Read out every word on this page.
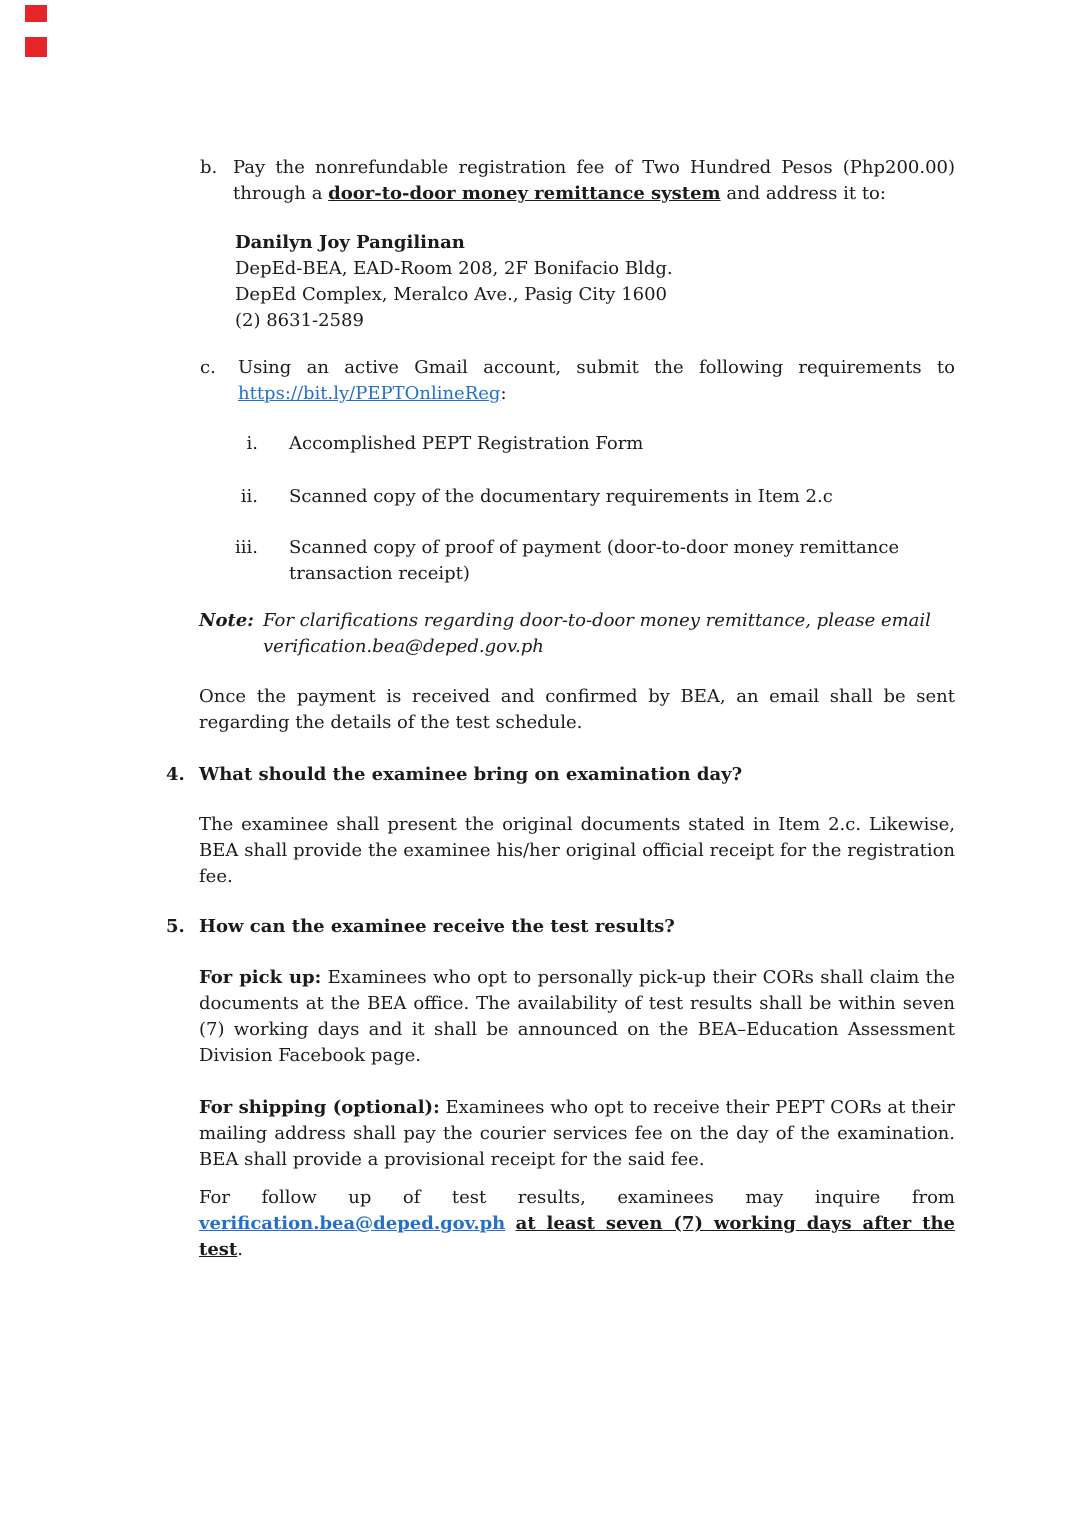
b. Pay the nonrefundable registration fee of Two Hundred Pesos (Php200.00) through a door-to-door money remittance system and address it to:
Danilyn Joy Pangilinan
DepEd-BEA, EAD-Room 208, 2F Bonifacio Bldg.
DepEd Complex, Meralco Ave., Pasig City 1600
(2) 8631-2589
c.	Using an active Gmail account, submit the following requirements to https://bit.ly/PEPTOnlineReg:
i. Accomplished PEPT Registration Form
ii. Scanned copy of the documentary requirements in Item 2.c
iii. Scanned copy of proof of payment (door-to-door money remittance transaction receipt)
Note: For clarifications regarding door-to-door money remittance, please email verification.bea@deped.gov.ph
Once the payment is received and confirmed by BEA, an email shall be sent regarding the details of the test schedule.
4. What should the examinee bring on examination day?
The examinee shall present the original documents stated in Item 2.c. Likewise, BEA shall provide the examinee his/her original official receipt for the registration fee.
5. How can the examinee receive the test results?
For pick up: Examinees who opt to personally pick-up their CORs shall claim the documents at the BEA office. The availability of test results shall be within seven (7) working days and it shall be announced on the BEA–Education Assessment Division Facebook page.
For shipping (optional): Examinees who opt to receive their PEPT CORs at their mailing address shall pay the courier services fee on the day of the examination. BEA shall provide a provisional receipt for the said fee.
For follow up of test results, examinees may inquire from
verification.bea@deped.gov.ph at least seven (7) working days after the
test.
